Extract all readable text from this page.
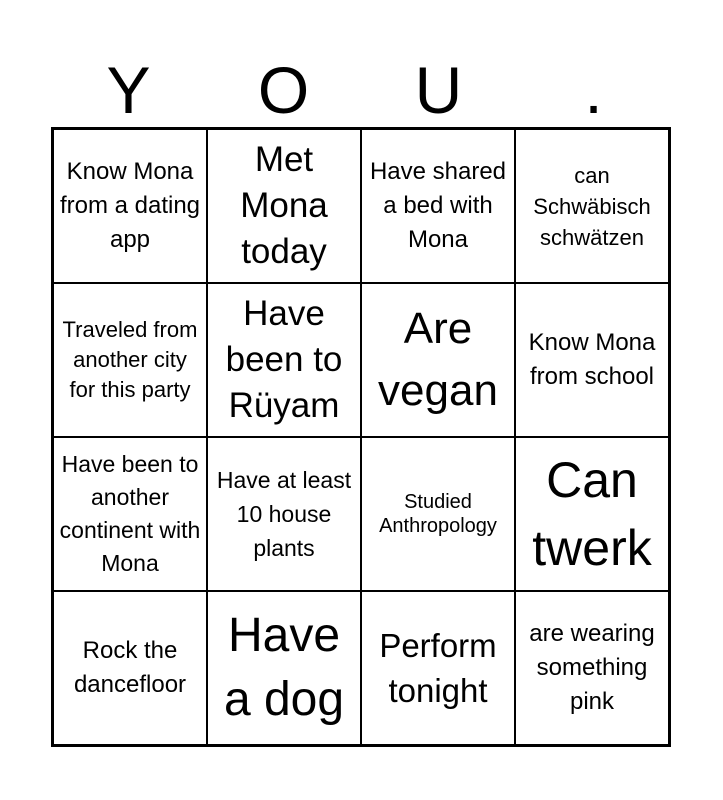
Y	O	U	.
Know Mona from a dating app
Met Mona today
Have shared a bed with Mona
can Schwäbisch schwätzen
Traveled from another city for this party
Have been to Rüyam
Are vegan
Know Mona from school
Have been to another continent with Mona
Have at least 10 house plants
Studied Anthropology
Can twerk
Rock the dancefloor
Have a dog
Perform tonight
are wearing something pink
